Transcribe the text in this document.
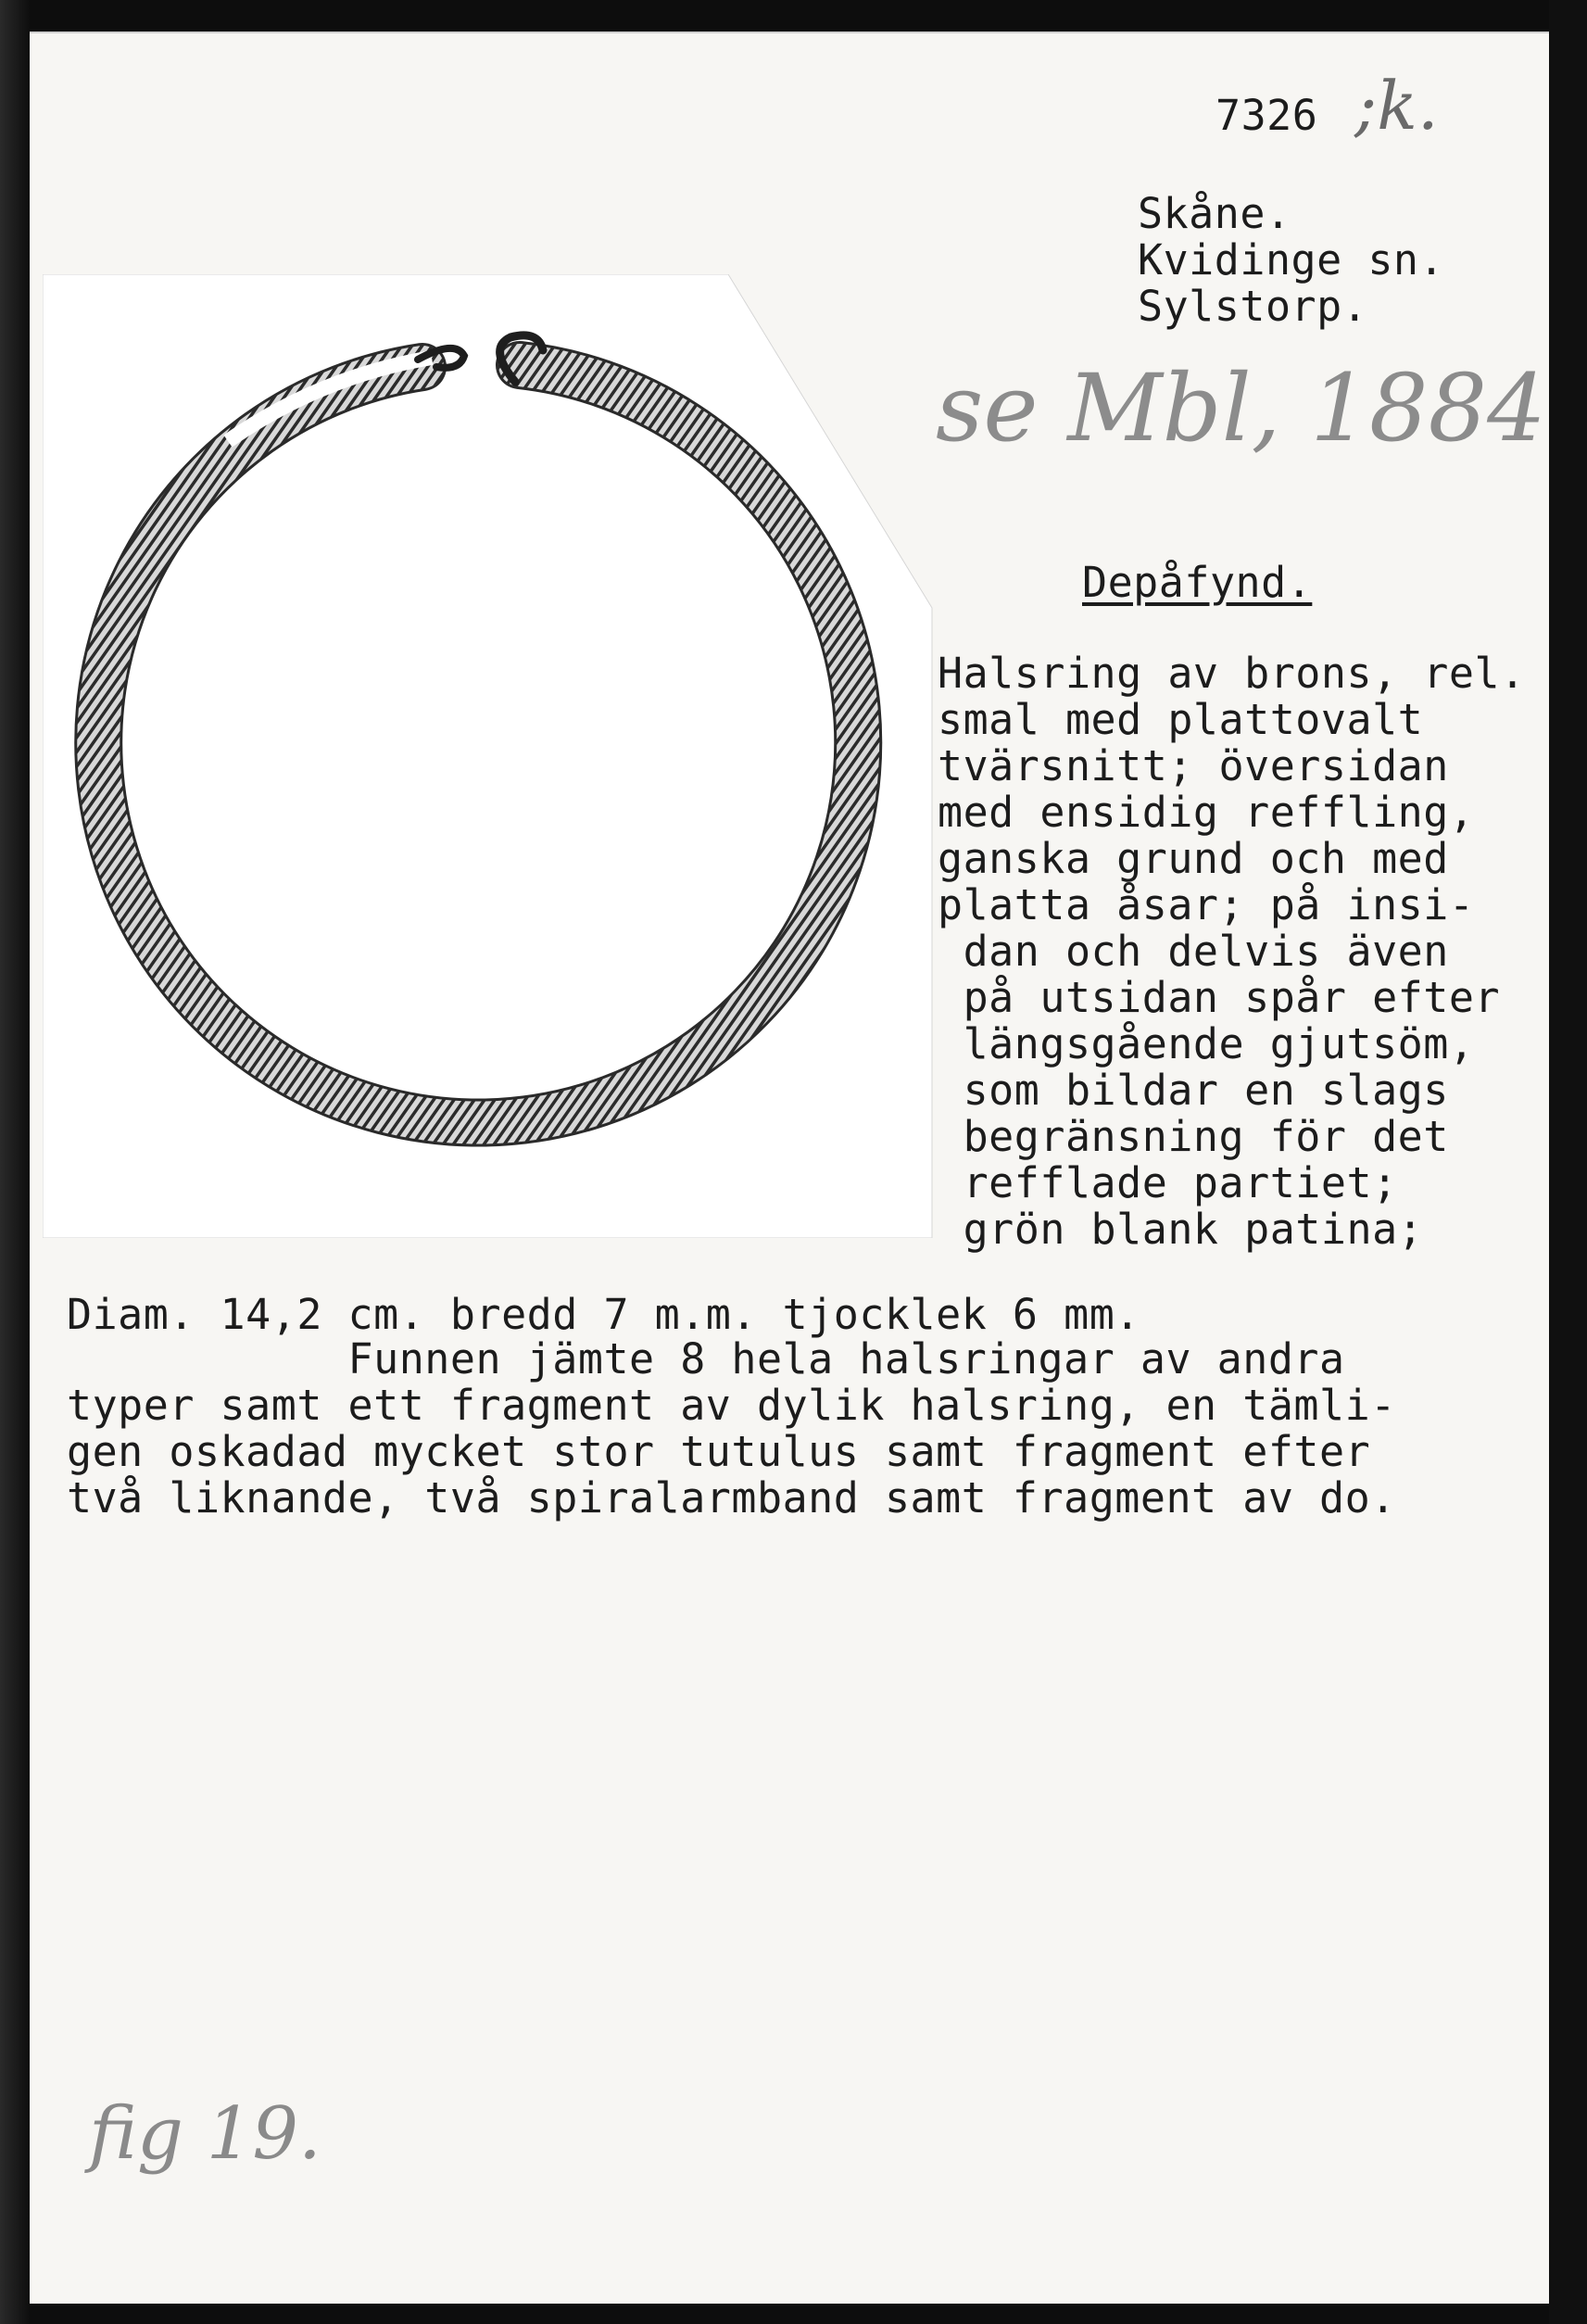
7326 ;k.
Skåne.
Kvidinge sn.
Sylstorp.
se Mbl, 1884
Depåfynd.
Halsring av brons, rel.
smal med plattovalt
tvärsnitt; översidan
med ensidig reffling,
ganska grund och med
platta åsar; på insi-
dan och delvis även
på utsidan spår efter
längsgående gjutsöm,
som bildar en slags
begränsning för det
refflade partiet;
grön blank patina;
Diam. 14,2 cm. bredd 7 m.m. tjocklek 6 mm.
Funnen jämte 8 hela halsringar av andra
typer samt ett fragment av dylik halsring, en tämli-
gen oskadad mycket stor tutulus samt fragment efter
två liknande, två spiralarmband samt fragment av do.
fig 19.
